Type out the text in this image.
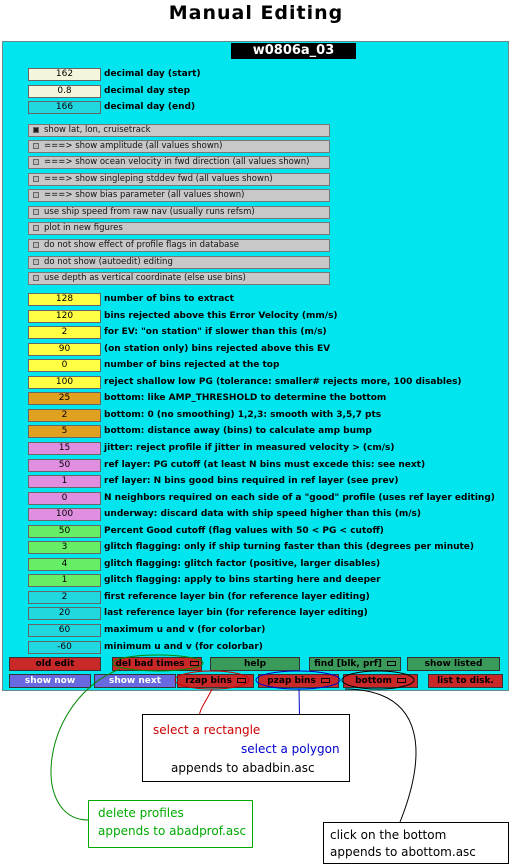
Manual Editing
w0806a_03
162	decimal day (start)
0.8	decimal day step
166	decimal day (end)
show lat, lon, cruisetrack
===> show amplitude (all values shown)
===> show ocean velocity in fwd direction (all values shown)
===> show singleping stddev fwd (all values shown)
===> show bias parameter (all values shown)
use ship speed from raw nav (usually runs refsm)
plot in new figures
do not show effect of profile flags in database
do not show (autoedit) editing
use depth as vertical coordinate (else use bins)
128	number of bins to extract
120	bins rejected above this Error Velocity (mm/s)
2	for EV: "on station" if slower than this (m/s)
90	(on station only) bins rejected above this EV
0	number of bins rejected at the top
100	reject shallow low PG (tolerance: smaller# rejects more, 100 disables)
25	bottom: like AMP_THRESHOLD to determine the bottom
2	bottom: 0 (no smoothing) 1,2,3: smooth with 3,5,7 pts
5	bottom: distance away (bins) to calculate amp bump
15	jitter: reject profile if jitter in measured velocity > (cm/s)
50	ref layer: PG cutoff (at least N bins must excede this: see next)
1	ref layer: N bins good bins required in ref layer (see prev)
0	N neighbors required on each side of a "good" profile (uses ref layer editing)
100	underway: discard data with ship speed higher than this (m/s)
50	Percent Good cutoff (flag values with 50 < PG < cutoff)
3	glitch flagging: only if ship turning faster than this (degrees per minute)
4	glitch flagging: glitch factor (positive, larger disables)
1	glitch flagging: apply to bins starting here and deeper
2	first reference layer bin (for reference layer editing)
20	last reference layer bin (for reference layer editing)
60	maximum u and v (for colorbar)
-60	minimum u and v (for colorbar)
old edit	del bad times	help	find [blk, prf]	show listed
show now	show next	rzap bins	pzap bins	bottom	list to disk.
select a rectangle
select a polygon
appends to abadbin.asc
delete profiles
appends to abadprof.asc	click on the bottom
appends to abottom.asc
